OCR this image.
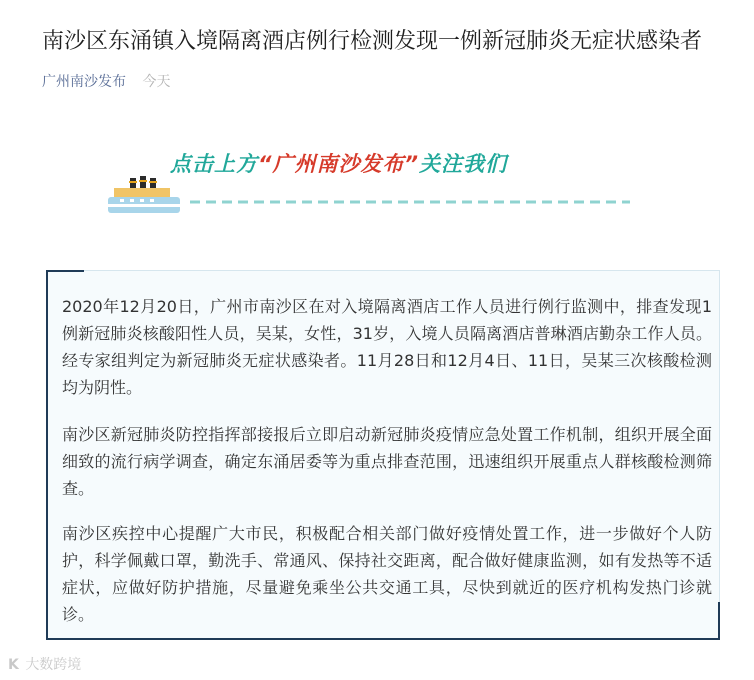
南沙区东涌镇入境隔离酒店例行检测发现一例新冠肺炎无症状感染者
广州南沙发布 今天
点击上方“广州南沙发布”关注我们
2020年12月20日，广州市南沙区在对入境隔离酒店工作人员进行例行监测中，排查发现1例新冠肺炎核酸阳性人员，吴某，女性，31岁，入境人员隔离酒店普琳酒店勤杂工作人员。经专家组判定为新冠肺炎无症状感染者。11月28日和12月4日、11日，吴某三次核酸检测均为阴性。
南沙区新冠肺炎防控指挥部接报后立即启动新冠肺炎疫情应急处置工作机制，组织开展全面细致的流行病学调查，确定东涌居委等为重点排查范围，迅速组织开展重点人群核酸检测筛查。
南沙区疾控中心提醒广大市民，积极配合相关部门做好疫情处置工作，进一步做好个人防护，科学佩戴口罩，勤洗手、常通风、保持社交距离，配合做好健康监测，如有发热等不适症状，应做好防护措施，尽量避免乘坐公共交通工具，尽快到就近的医疗机构发热门诊就诊。
K 大数跨境
